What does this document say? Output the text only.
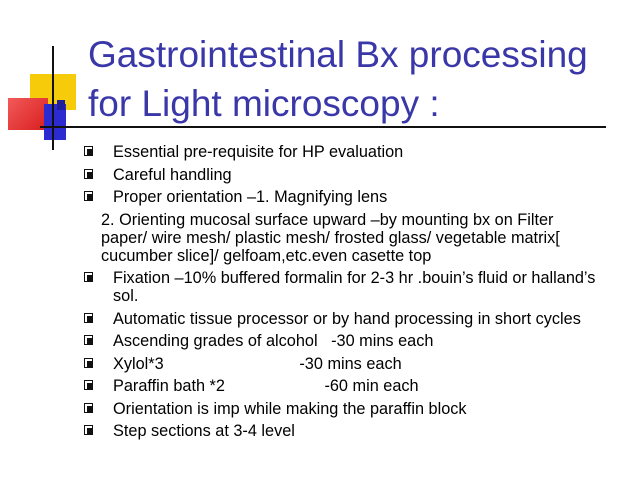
Gastrointestinal Bx processing for Light microscopy :
Essential pre-requisite for HP evaluation
Careful handling
Proper orientation –1. Magnifying lens
2. Orienting mucosal surface upward –by mounting bx on Filter paper/ wire mesh/ plastic mesh/ frosted glass/ vegetable matrix[ cucumber slice]/ gelfoam,etc.even casette top
Fixation –10% buffered formalin for 2-3 hr .bouin’s fluid or halland’s sol.
Automatic tissue processor or by hand processing in short cycles
Ascending grades of alcohol   -30 mins each
Xylol*3                              -30 mins each
Paraffin bath *2                      -60 min each
Orientation is imp while making the paraffin block
Step sections at 3-4 level
